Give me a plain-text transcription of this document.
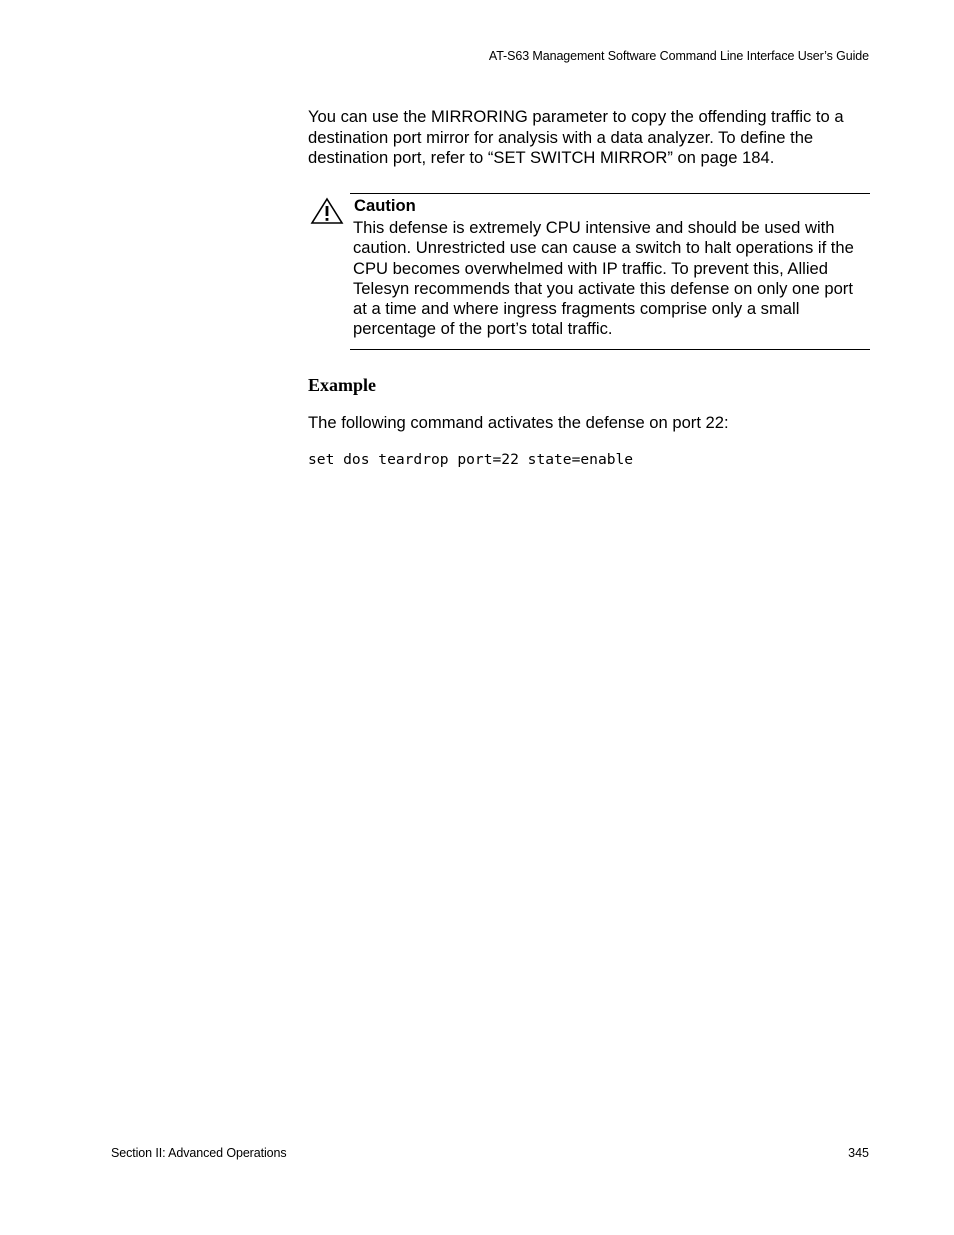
AT-S63 Management Software Command Line Interface User’s Guide

You can use the MIRRORING parameter to copy the offending traffic to a destination port mirror for analysis with a data analyzer. To define the destination port, refer to “SET SWITCH MIRROR” on page 184.

Caution

This defense is extremely CPU intensive and should be used with caution. Unrestricted use can cause a switch to halt operations if the CPU becomes overwhelmed with IP traffic. To prevent this, Allied Telesyn recommends that you activate this defense on only one port at a time and where ingress fragments comprise only a small percentage of the port’s total traffic.

Example
The following command activates the defense on port 22:
set dos teardrop port=22 state=enable
Section II: Advanced Operations	345
